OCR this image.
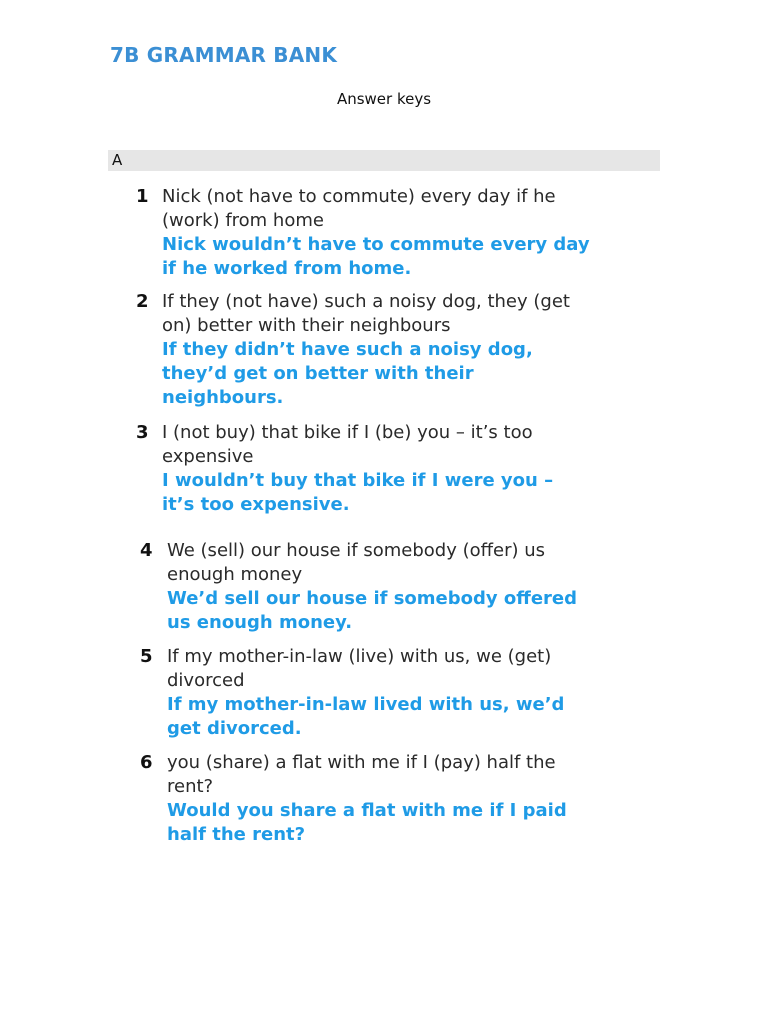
7B GRAMMAR BANK
Answer keys
A
1 Nick (not have to commute) every day if he
(work) from home
Nick wouldn’t have to commute every day
if he worked from home.
2 If they (not have) such a noisy dog, they (get
on) better with their neighbours
If they didn’t have such a noisy dog,
they’d get on better with their
neighbours.
3 I (not buy) that bike if I (be) you – it’s too
expensive
I wouldn’t buy that bike if I were you –
it’s too expensive.
4 We (sell) our house if somebody (offer) us
enough money
We’d sell our house if somebody offered
us enough money.
5 If my mother-in-law (live) with us, we (get)
divorced
If my mother-in-law lived with us, we’d
get divorced.
6 you (share) a flat with me if I (pay) half the
rent?
Would you share a flat with me if I paid
half the rent?
